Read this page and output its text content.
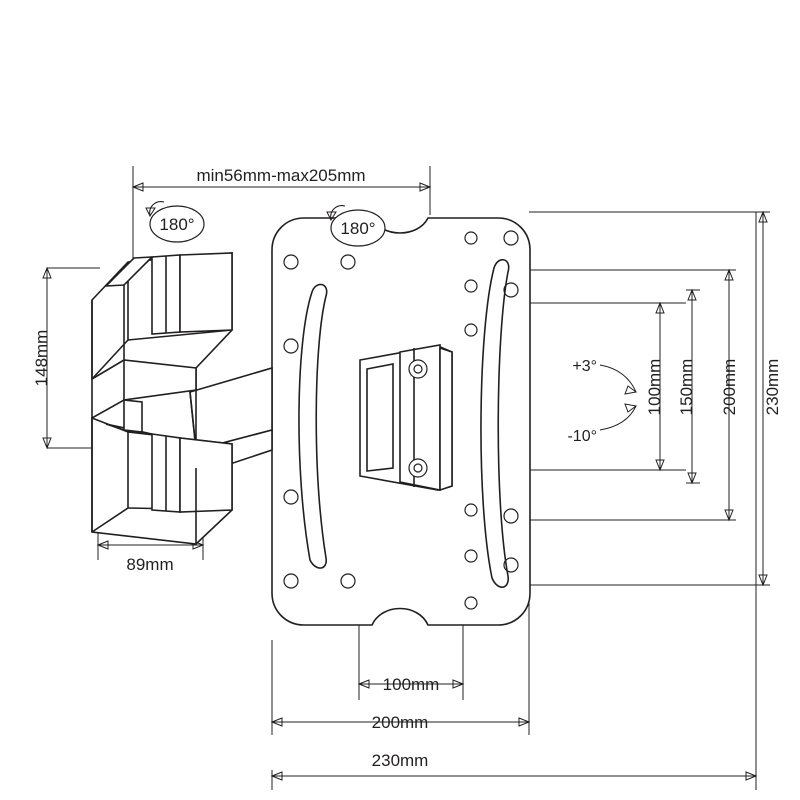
min56mm-max205mm
180°	180°
148mm
89mm
100mm
200mm
230mm
100mm 150mm 200mm 230mm
+3°
-10°
